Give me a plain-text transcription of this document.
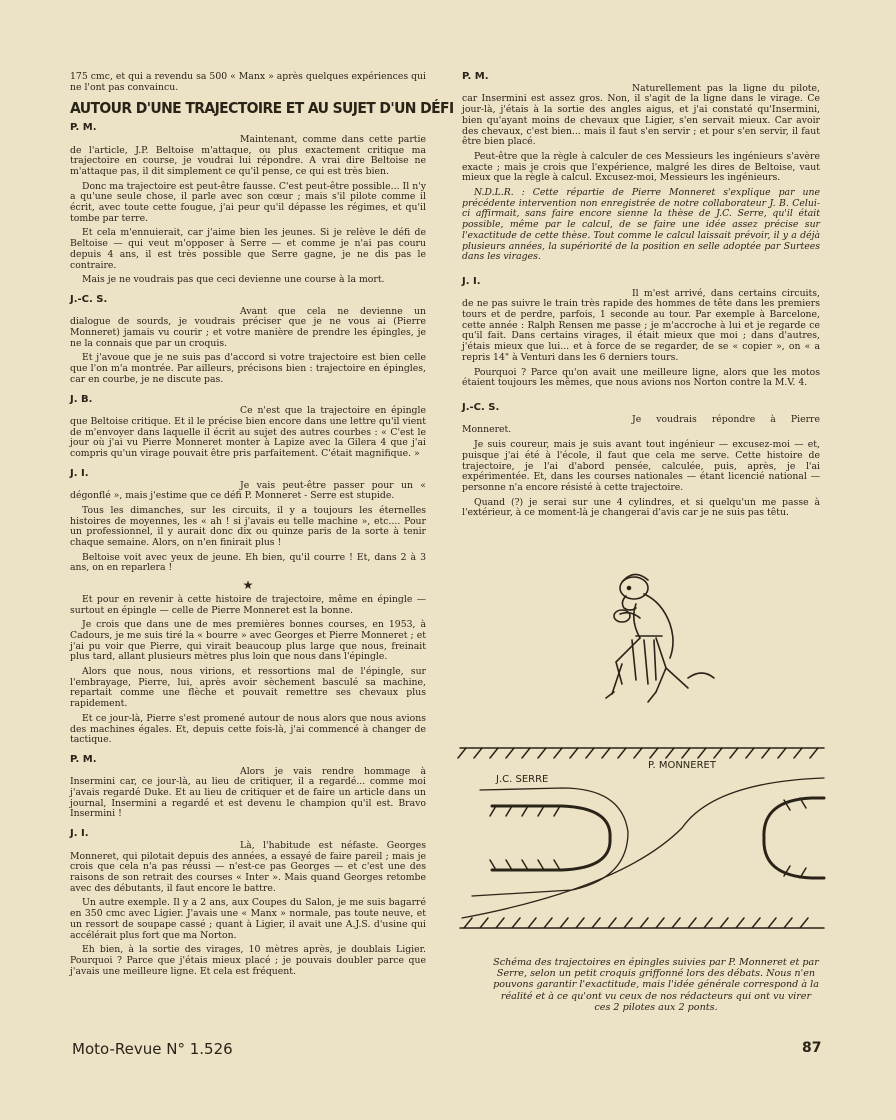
175 cmc, et qui a revendu sa 500 « Manx » après quelques expériences qui ne l'ont pas convaincu.

AUTOUR D'UNE TRAJECTOIRE ET AU SUJET D'UN DÉFI
P. M.

Maintenant, comme dans cette partie de l'article, J.P. Beltoise m'attaque, ou plus exactement critique ma trajectoire en course, je voudrai lui répondre. A vrai dire Beltoise ne m'attaque pas, il dit simplement ce qu'il pense, ce qui est très bien.

Donc ma trajectoire est peut-être fausse. C'est peut-être possible... Il n'y a qu'une seule chose, il parle avec son cœur ; mais s'il pilote comme il écrit, avec toute cette fougue, j'ai peur qu'il dépasse les régimes, et qu'il tombe par terre.

Et cela m'ennuierait, car j'aime bien les jeunes. Si je relève le défi de Beltoise — qui veut m'opposer à Serre — et comme je n'ai pas couru depuis 4 ans, il est très possible que Serre gagne, je ne dis pas le contraire.

Mais je ne voudrais pas que ceci devienne une course à la mort.

J.-C. S.

Avant que cela ne devienne un dialogue de sourds, je voudrais préciser que je ne vous ai (Pierre Monneret) jamais vu courir ; et votre manière de prendre les épingles, je ne la connais que par un croquis.

Et j'avoue que je ne suis pas d'accord si votre trajectoire est bien celle que l'on m'a montrée. Par ailleurs, précisons bien : trajectoire en épingles, car en courbe, je ne discute pas.

J. B.

Ce n'est que la trajectoire en épingle que Beltoise critique. Et il le précise bien encore dans une lettre qu'il vient de m'envoyer dans laquelle il écrit au sujet des autres courbes : « C'est le jour où j'ai vu Pierre Monneret monter à Lapize avec la Gilera 4 que j'ai compris qu'un virage pouvait être pris parfaitement. C'était magnifique. »

J. I.

Je vais peut-être passer pour un « dégonflé », mais j'estime que ce défi P. Monneret - Serre est stupide.

Tous les dimanches, sur les circuits, il y a toujours les éternelles histoires de moyennes, les « ah ! si j'avais eu telle machine », etc.... Pour un professionnel, il y aurait donc dix ou quinze paris de la sorte à tenir chaque semaine. Alors, on n'en finirait plus !

Beltoise voit avec yeux de jeune. Eh bien, qu'il courre ! Et, dans 2 à 3 ans, on en reparlera !

★

Et pour en revenir à cette histoire de trajectoire, même en épingle — surtout en épingle — celle de Pierre Monneret est la bonne.

Je crois que dans une de mes premières bonnes courses, en 1953, à Cadours, je me suis tiré la « bourre » avec Georges et Pierre Monneret ; et j'ai pu voir que Pierre, qui virait beaucoup plus large que nous, freinait plus tard, allant plusieurs mètres plus loin que nous dans l'épingle.

Alors que nous, nous virions, et ressortions mal de l'épingle, sur l'embrayage, Pierre, lui, après avoir sèchement basculé sa machine, repartait comme une flèche et pouvait remettre ses chevaux plus rapidement.

Et ce jour-là, Pierre s'est promené autour de nous alors que nous avions des machines égales. Et, depuis cette fois-là, j'ai commencé à changer de tactique.

P. M.

Alors je vais rendre hommage à Insermini car, ce jour-là, au lieu de critiquer, il a regardé... comme moi j'avais regardé Duke. Et au lieu de critiquer et de faire un article dans un journal, Insermini a regardé et est devenu le champion qu'il est. Bravo Insermini !

J. I.

Là, l'habitude est néfaste. Georges Monneret, qui pilotait depuis des années, a essayé de faire pareil ; mais je crois que cela n'a pas réussi — n'est-ce pas Georges — et c'est une des raisons de son retrait des courses « Inter ». Mais quand Georges retombe avec des débutants, il faut encore le battre.

Un autre exemple. Il y a 2 ans, aux Coupes du Salon, je me suis bagarré en 350 cmc avec Ligier. J'avais une « Manx » normale, pas toute neuve, et un ressort de soupape cassé ; quant à Ligier, il avait une A.J.S. d'usine qui accélérait plus fort que ma Norton.

Eh bien, à la sortie des virages, 10 mètres après, je doublais Ligier. Pourquoi ? Parce que j'étais mieux placé ; je pouvais doubler parce que j'avais une meilleure ligne. Et cela est fréquent.

P. M.

Naturellement pas la ligne du pilote, car Insermini est assez gros. Non, il s'agit de la ligne dans le virage. Ce jour-là, j'étais à la sortie des angles aigus, et j'ai constaté qu'Insermini, bien qu'ayant moins de chevaux que Ligier, s'en servait mieux. Car avoir des chevaux, c'est bien... mais il faut s'en servir ; et pour s'en servir, il faut être bien placé.

Peut-être que la règle à calculer de ces Messieurs les ingénieurs s'avère exacte ; mais je crois que l'expérience, malgré les dires de Beltoise, vaut mieux que la règle à calcul. Excusez-moi, Messieurs les ingénieurs.

N.D.L.R. : Cette répartie de Pierre Monneret s'explique par une précédente intervention non enregistrée de notre collaborateur J. B. Celui-ci affirmait, sans faire encore sienne la thèse de J.C. Serre, qu'il était possible, même par le calcul, de se faire une idée assez précise sur l'exactitude de cette thèse. Tout comme le calcul laissait prévoir, il y a déjà plusieurs années, la supériorité de la position en selle adoptée par Surtees dans les virages.

J. I.

Il m'est arrivé, dans certains circuits, de ne pas suivre le train très rapide des hommes de tête dans les premiers tours et de perdre, parfois, 1 seconde au tour. Par exemple à Barcelone, cette année : Ralph Rensen me passe ; je m'accroche à lui et je regarde ce qu'il fait. Dans certains virages, il était mieux que moi ; dans d'autres, j'étais mieux que lui... et à force de se regarder, de se « copier », on « a repris 14" à Venturi dans les 6 derniers tours.

Pourquoi ? Parce qu'on avait une meilleure ligne, alors que les motos étaient toujours les mêmes, que nous avions nos Norton contre la M.V. 4.

J.-C. S.

Je voudrais répondre à Pierre Monneret.

Je suis coureur, mais je suis avant tout ingénieur — excusez-moi — et, puisque j'ai été à l'école, il faut que cela me serve. Cette histoire de trajectoire, je l'ai d'abord pensée, calculée, puis, après, je l'ai expérimentée. Et, dans les courses nationales — étant licencié national — personne n'a encore résisté à cette trajectoire.

Quand (?) je serai sur une 4 cylindres, et si quelqu'un me passe à l'extérieur, à ce moment-là je changerai d'avis car je ne suis pas têtu.

P. MONNERET
J.C. SERRE
Schéma des trajectoires en épingles suivies par P. Monneret et par Serre, selon un petit croquis griffonné lors des débats. Nous n'en pouvons garantir l'exactitude, mais l'idée générale correspond à la réalité et à ce qu'ont vu ceux de nos rédacteurs qui ont vu virer ces 2 pilotes aux 2 ponts.
Moto-Revue N° 1.526	87
